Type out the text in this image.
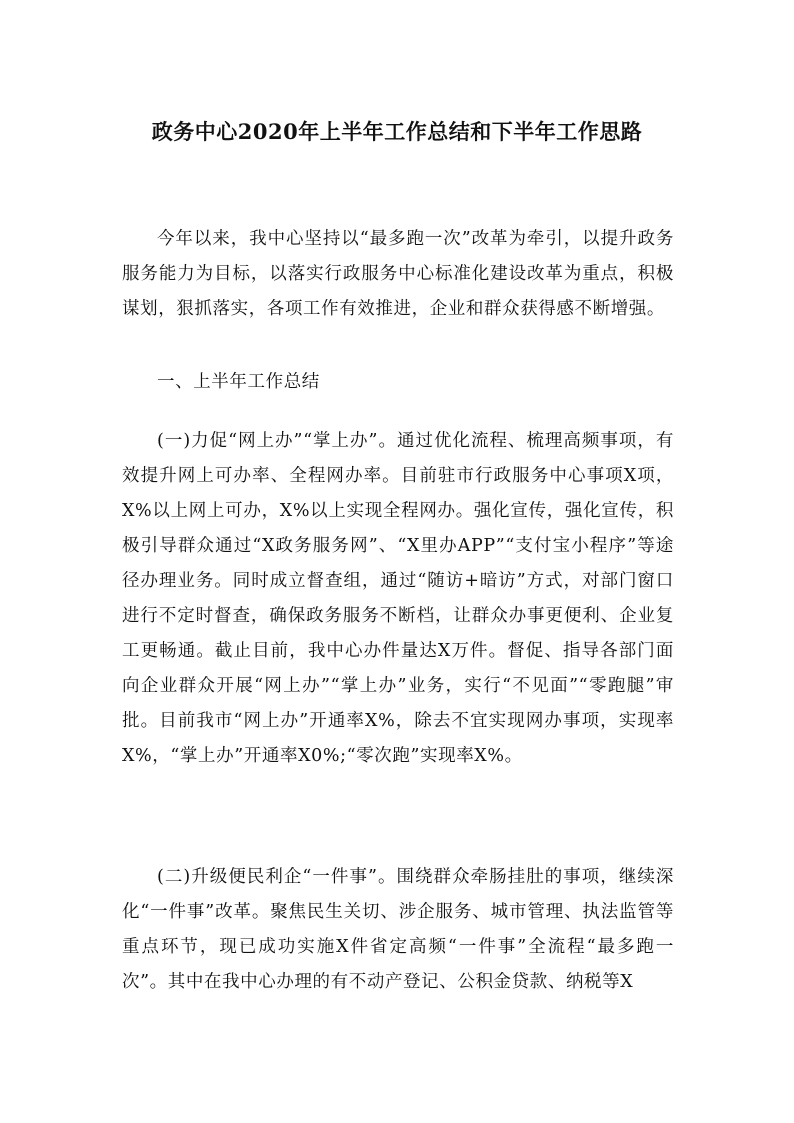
政务中心2020年上半年工作总结和下半年工作思路

今年以来，我中心坚持以“最多跑一次”改革为牵引，以提升政务服务能力为目标，以落实行政服务中心标准化建设改革为重点，积极谋划，狠抓落实，各项工作有效推进，企业和群众获得感不断增强。

一、上半年工作总结

(一)力促“网上办”“掌上办”。通过优化流程、梳理高频事项，有效提升网上可办率、全程网办率。目前驻市行政服务中心事项X项，X%以上网上可办，X%以上实现全程网办。强化宣传，强化宣传，积极引导群众通过“X政务服务网”、“X里办APP”“支付宝小程序”等途径办理业务。同时成立督查组，通过“随访+暗访”方式，对部门窗口进行不定时督查，确保政务服务不断档，让群众办事更便利、企业复工更畅通。截止目前，我中心办件量达X万件。督促、指导各部门面向企业群众开展“网上办”“掌上办”业务，实行“不见面”“零跑腿”审批。目前我市“网上办”开通率X%，除去不宜实现网办事项，实现率X%，“掌上办”开通率X0%;“零次跑”实现率X%。

(二)升级便民利企“一件事”。围绕群众牵肠挂肚的事项，继续深化“一件事”改革。聚焦民生关切、涉企服务、城市管理、执法监管等重点环节，现已成功实施X件省定高频“一件事”全流程“最多跑一次”。其中在我中心办理的有不动产登记、公积金贷款、纳税等X
